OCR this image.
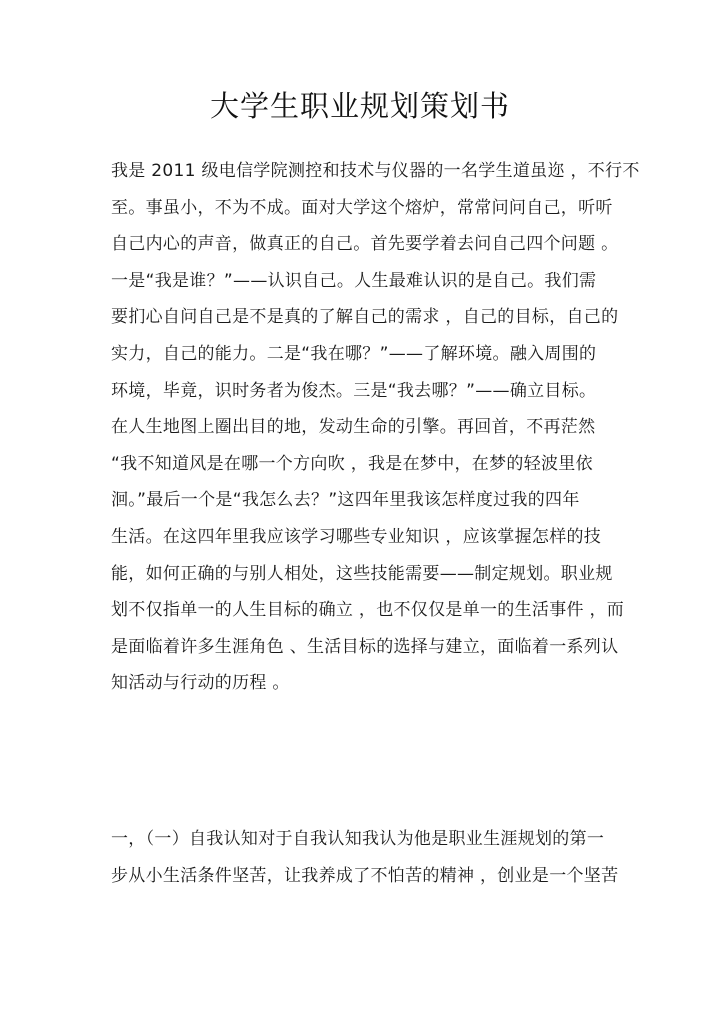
大学生职业规划策划书
我是 2011 级电信学院测控和技术与仪器的一名学生道虽迩 ，不行不
至。事虽小，不为不成。面对大学这个熔炉，常常问问自己，听听
自己内心的声音，做真正的自己。首先要学着去问自己四个问题 。
一是“我是谁？”——认识自己。人生最难认识的是自己。我们需
要扪心自问自己是不是真的了解自己的需求 ，自己的目标，自己的
实力，自己的能力。二是“我在哪？”——了解环境。融入周围的
环境，毕竟，识时务者为俊杰。三是“我去哪？”——确立目标。
在人生地图上圈出目的地，发动生命的引擎。再回首，不再茫然
“我不知道风是在哪一个方向吹 ，我是在梦中，在梦的轻波里依
洄。”最后一个是“我怎么去？”这四年里我该怎样度过我的四年
生活。在这四年里我应该学习哪些专业知识 ，应该掌握怎样的技
能，如何正确的与别人相处，这些技能需要——制定规划。职业规
划不仅指单一的人生目标的确立 ，也不仅仅是单一的生活事件 ，而
是面临着许多生涯角色 、生活目标的选择与建立，面临着一系列认
知活动与行动的历程 。
一，（一）自我认知对于自我认知我认为他是职业生涯规划的第一
步从小生活条件坚苦，让我养成了不怕苦的精神 ，创业是一个坚苦
